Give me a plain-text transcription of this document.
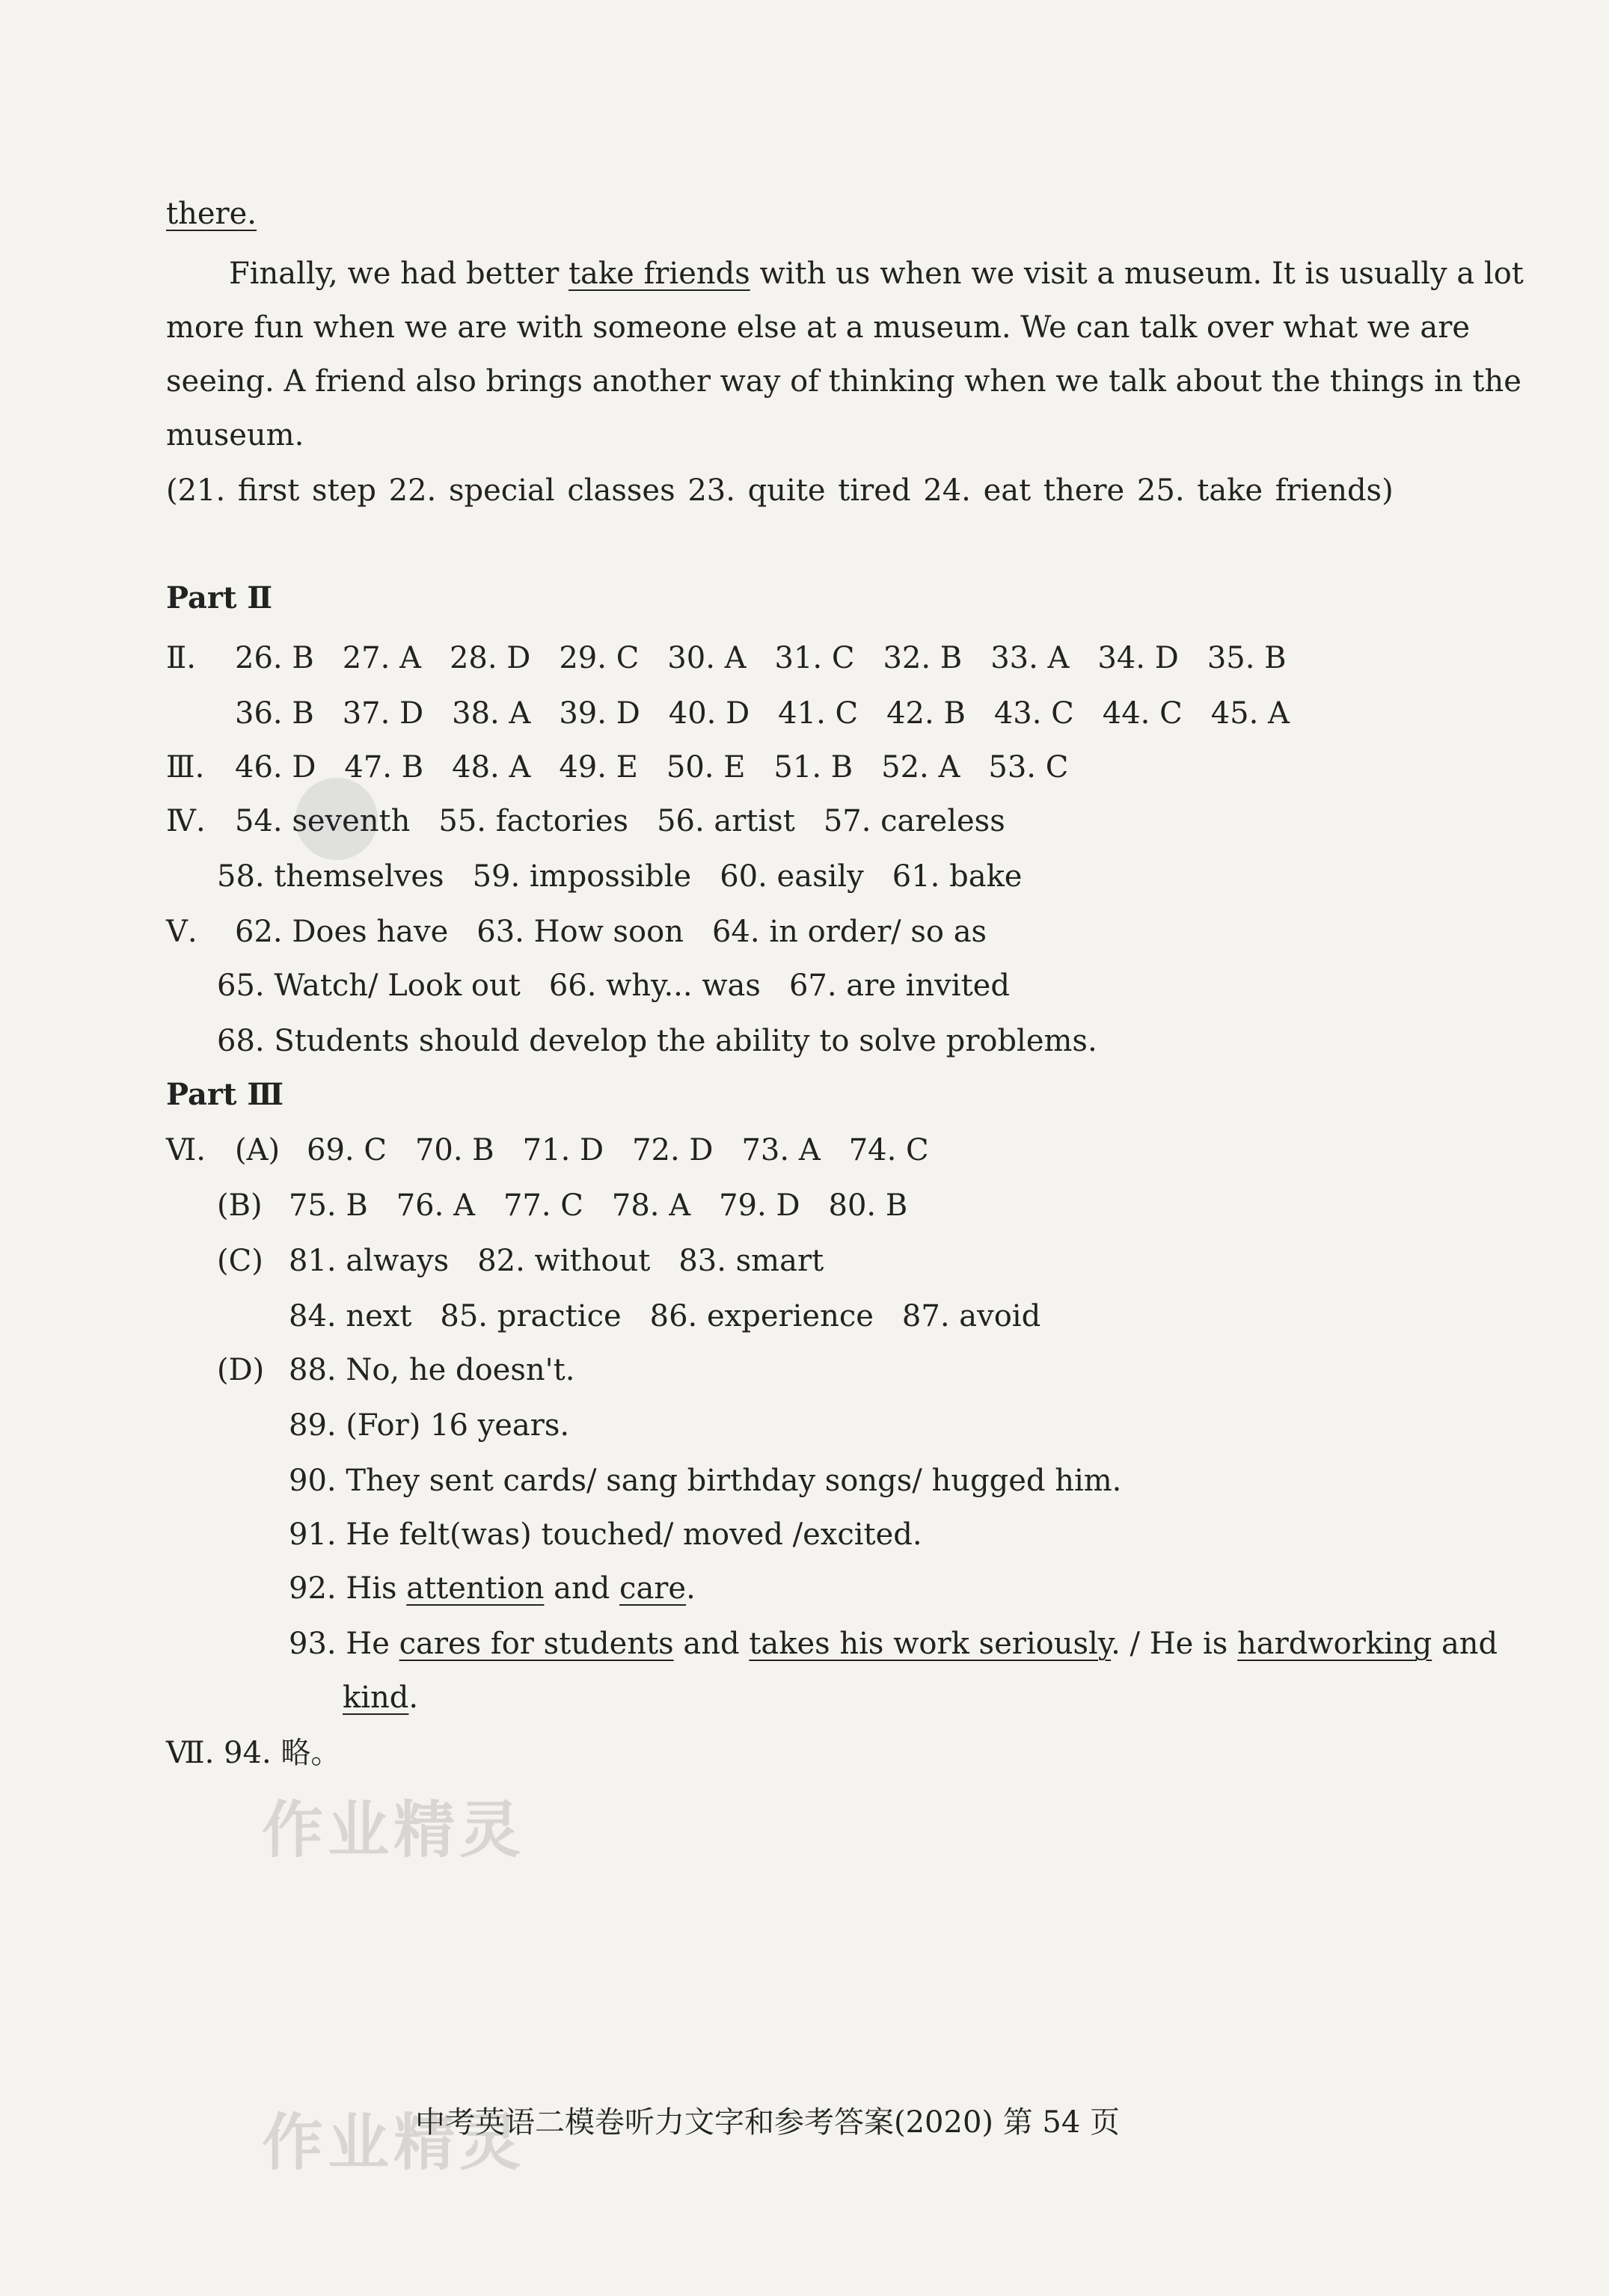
there.
Finally, we had better take friends with us when we visit a museum. It is usually a lot
more fun when we are with someone else at a museum. We can talk over what we are
seeing. A friend also brings another way of thinking when we talk about the things in the
museum.
(21. first step 22. special classes 23. quite tired 24. eat there 25. take friends)
Part Ⅱ
Ⅱ. 26. B 27. A 28. D 29. C 30. A 31. C 32. B 33. A 34. D 35. B
36. B 37. D 38. A 39. D 40. D 41. C 42. B 43. C 44. C 45. A
Ⅲ. 46. D 47. B 48. A 49. E 50. E 51. B 52. A 53. C
Ⅳ. 54. seventh 55. factories 56. artist 57. careless
58. themselves 59. impossible 60. easily 61. bake
Ⅴ. 62. Does have 63. How soon 64. in order/ so as
65. Watch/ Look out 66. why... was 67. are invited
68. Students should develop the ability to solve problems.
Part Ⅲ
Ⅵ. (A) 69. C 70. B 71. D 72. D 73. A 74. C
(B) 75. B 76. A 77. C 78. A 79. D 80. B
(C) 81. always 82. without 83. smart
84. next 85. practice 86. experience 87. avoid
(D) 88. No, he doesn't.
89. (For) 16 years.
90. They sent cards/ sang birthday songs/ hugged him.
91. He felt(was) touched/ moved /excited.
92. His attention and care.
93. He cares for students and takes his work seriously. / He is hardworking and
kind.
Ⅶ. 94. 略。
作业精灵
作业精灵
中考英语二模卷听力文字和参考答案(2020) 第 54 页
